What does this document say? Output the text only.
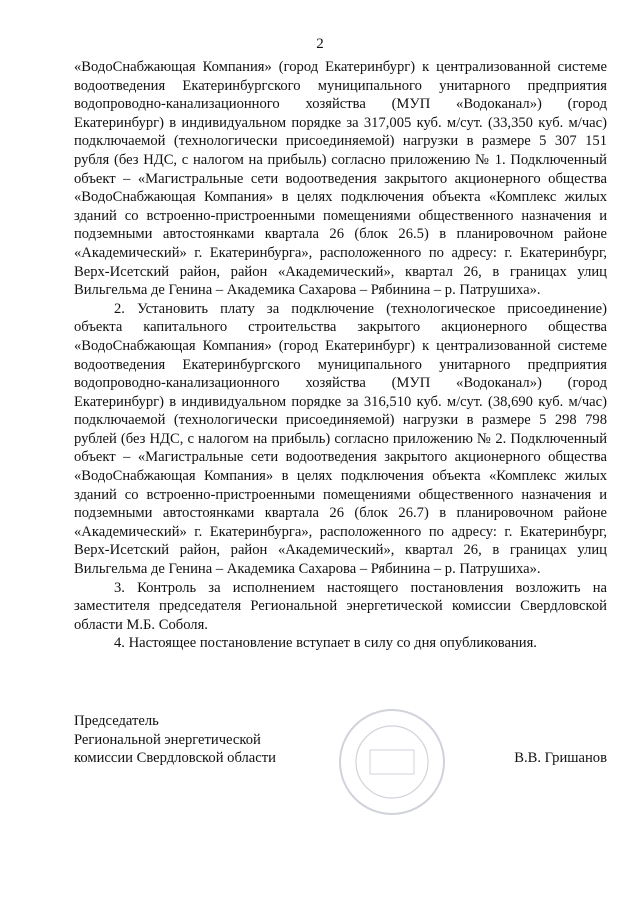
2

«ВодоСнабжающая Компания» (город Екатеринбург) к централизованной системе водоотведения Екатеринбургского муниципального унитарного предприятия водопроводно-канализационного хозяйства (МУП «Водоканал») (город Екатеринбург) в индивидуальном порядке за 317,005 куб. м/сут. (33,350 куб. м/час) подключаемой (технологически присоединяемой) нагрузки в размере 5 307 151 рубля (без НДС, с налогом на прибыль) согласно приложению № 1. Подключенный объект – «Магистральные сети водоотведения закрытого акционерного общества «ВодоСнабжающая Компания» в целях подключения объекта «Комплекс жилых зданий со встроенно-пристроенными помещениями общественного назначения и подземными автостоянками квартала 26 (блок 26.5) в планировочном районе «Академический» г. Екатеринбурга», расположенного по адресу: г. Екатеринбург, Верх-Исетский район, район «Академический», квартал 26, в границах улиц Вильгельма де Генина – Академика Сахарова – Рябинина – р. Патрушиха».

2. Установить плату за подключение (технологическое присоединение) объекта капитального строительства закрытого акционерного общества «ВодоСнабжающая Компания» (город Екатеринбург) к централизованной системе водоотведения Екатеринбургского муниципального унитарного предприятия водопроводно-канализационного хозяйства (МУП «Водоканал») (город Екатеринбург) в индивидуальном порядке за 316,510 куб. м/сут. (38,690 куб. м/час) подключаемой (технологически присоединяемой) нагрузки в размере 5 298 798 рублей (без НДС, с налогом на прибыль) согласно приложению № 2. Подключенный объект – «Магистральные сети водоотведения закрытого акционерного общества «ВодоСнабжающая Компания» в целях подключения объекта «Комплекс жилых зданий со встроенно-пристроенными помещениями общественного назначения и подземными автостоянками квартала 26 (блок 26.7) в планировочном районе «Академический» г. Екатеринбурга», расположенного по адресу: г. Екатеринбург, Верх-Исетский район, район «Академический», квартал 26, в границах улиц Вильгельма де Генина – Академика Сахарова – Рябинина – р. Патрушиха».

3. Контроль за исполнением настоящего постановления возложить на заместителя председателя Региональной энергетической комиссии Свердловской области М.Б. Соболя.

4. Настоящее постановление вступает в силу со дня опубликования.

Председатель
Региональной энергетической
комиссии Свердловской области	В.В. Гришанов
